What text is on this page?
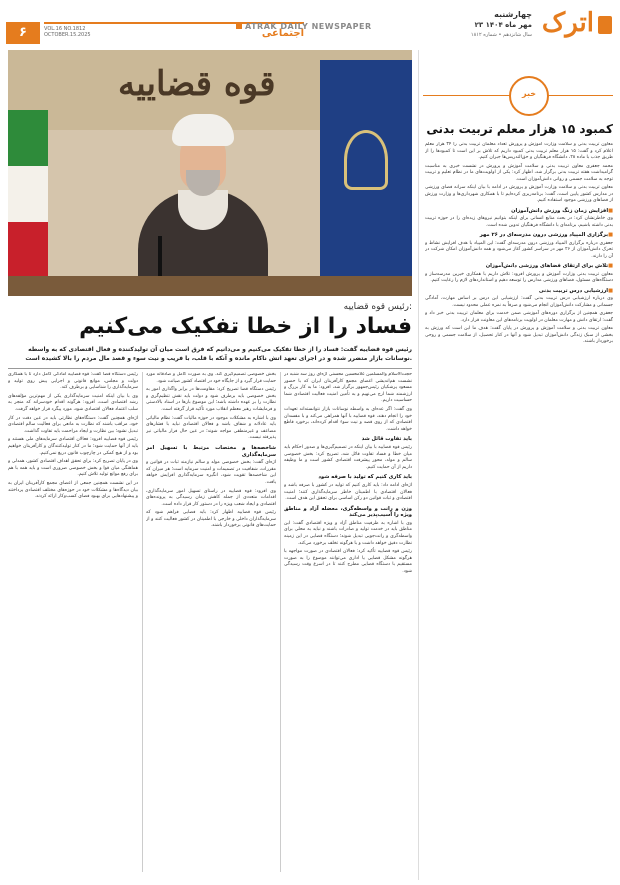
۶	VOL.16 NO.1812
OCTOBER.15.2025	اجتماعی
ATRAK DAILY NEWSPAPER	اترک
چهارشنبه
۲۳ مهر ماه ۱۴۰۴
سال شانزدهم • شماره ۱۸۱۲
قوه قضاییه
رئیس قوه قضاییه:
فساد را از خطا تفکیک می‌کنیم
رئیس قوه قضاییه گفت: فساد را از خطا تفکیک می‌کنیم و می‌دانیم که فرق است میان آن تولیدکننده و فعال اقتصادی که به واسطه نوسانات بازار متضرر شده و در اجرای تعهد اتش ناکام مانده و آنکه با قلب، با فریب و نیت سوء و قصد مال مردم را بالا کشیده است.

حجت‌الاسلام والمسلمین غلامحسین محسنی اژه‌ای روز سه شنبه در نشست هم‌اندیشی اعضای مجمع کارآفرینان ایران که با حضور مسعود پزشکیان رئیس‌جمهور برگزار شد، افزود: ما به کار بزرگ و ارزشمند شما ارج می‌نهیم و به تأمین امنیت فعالیت اقتصادی شما حساسیت داریم.

وی گفت: اگر عده‌ای به واسطه نوسانات بازار نتوانسته‌اند تعهدات خود را انجام دهند، قوه قضاییه با آنها همراهی می‌کند و با مفسدان اقتصادی که از روی قصد و نیت سوء اقدام کرده‌اند، برخورد قاطع خواهد داشت.

باید تفاوت قائل شد

رئیس قوه قضاییه با بیان اینکه در تصمیم‌گیری‌ها و صدور احکام باید میان خطا و فساد تفاوت قائل شد، تصریح کرد: بخش خصوصی سالم و مولد، محور پیشرفت اقتصادی کشور است و ما وظیفه داریم از آن حمایت کنیم.

باید کاری کنیم که تولید با صرفه شود

اژه‌ای ادامه داد: باید کاری کنیم که تولید در کشور با صرفه باشد و فعالان اقتصادی با اطمینان خاطر سرمایه‌گذاری کنند؛ امنیت اقتصادی و ثبات قوانین دو رکن اساسی برای تحقق این هدف است.

وزن و رانت و واسطه‌گری، معضله آزاد و مناطق ویژه را آسیب‌پذیر می‌کند

وی با اشاره به ظرفیت مناطق آزاد و ویژه اقتصادی گفت: این مناطق باید در خدمت تولید و صادرات باشند و نباید به محلی برای واسطه‌گری و رانت‌جویی تبدیل شوند؛ دستگاه قضایی در این زمینه نظارت دقیق خواهد داشت و با هرگونه تخلف برخورد می‌کند.

رئیس قوه قضاییه تأکید کرد: فعالان اقتصادی در صورت مواجهه با هرگونه مشکل قضایی یا اداری می‌توانند موضوع را به صورت مستقیم با دستگاه قضایی مطرح کنند تا در اسرع وقت رسیدگی شود.

بخش خصوصی تصمیم‌گیری کند. وی به صورت کامل و صادقانه مورد حمایت قرار گیرد و از جایگاه خود در اقتصاد کشور صیانت شود.

رئیس دستگاه قضا تصریح کرد: مقاومت‌ها در برابر واگذاری امور به بخش خصوصی باید برطرف شود و دولت باید نقش تنظیم‌گری و نظارت را بر عهده داشته باشد؛ این موضوع بارها در اسناد بالادستی و فرمایشات رهبر معظم انقلاب مورد تأکید قرار گرفته است.

وی با اشاره به مشکلات موجود در حوزه مالیات گفت: نظام مالیاتی باید عادلانه و شفاف باشد و فعالان اقتصادی نباید با فشارهای مضاعف و غیرمنطقی مواجه شوند؛ در عین حال فرار مالیاتی نیز پذیرفته نیست.

شاخصه‌ها و مختصات مرتبط با تسهیل امر سرمایه‌گذاری

اژه‌ای گفت: بخش خصوصی مولد و سالم نیازمند ثبات در قوانین و مقررات، شفافیت در تصمیمات و امنیت سرمایه است؛ هر میزان که این شاخصه‌ها تقویت شود، انگیزه سرمایه‌گذاری افزایش خواهد یافت.

وی افزود: قوه قضاییه در راستای تسهیل امور سرمایه‌گذاری، اقدامات متعددی از جمله کاهش زمان رسیدگی به پرونده‌های اقتصادی و ایجاد شعب ویژه را در دستور کار قرار داده است.

رئیس قوه قضاییه اظهار کرد: باید فضایی فراهم شود که سرمایه‌گذاران داخلی و خارجی با اطمینان در کشور فعالیت کنند و از حمایت‌های قانونی برخوردار باشند.

رئیس دستگاه قضا گفت: قوه قضاییه آمادگی کامل دارد تا با همکاری دولت و مجلس، موانع قانونی و اجرایی پیش روی تولید و سرمایه‌گذاری را شناسایی و برطرف کند.

وی با بیان اینکه امنیت سرمایه‌گذاری یکی از مهم‌ترین مؤلفه‌های رشد اقتصادی است، افزود: هرگونه اقدام خودسرانه که منجر به سلب اعتماد فعالان اقتصادی شود، مورد پیگرد قرار خواهد گرفت.

اژه‌ای همچنین گفت: دستگاه‌های نظارتی باید در عین دقت در کار خود، مراقب باشند که نظارت به مانعی برای فعالیت سالم اقتصادی تبدیل نشود؛ بین نظارت و ایجاد مزاحمت باید تفاوت گذاشت.

رئیس قوه قضاییه افزود: فعالان اقتصادی سرمایه‌های ملی هستند و باید از آنها حمایت شود؛ ما در کنار تولیدکنندگان و کارآفرینان خواهیم بود و از هیچ کمکی در چارچوب قانون دریغ نمی‌کنیم.

وی در پایان تصریح کرد: برای تحقق اهداف اقتصادی کشور، همدلی و هماهنگی میان قوا و بخش خصوصی ضروری است و باید همه با هم برای رفع موانع تولید تلاش کنیم.

در این نشست همچنین جمعی از اعضای مجمع کارآفرینان ایران به بیان دیدگاه‌ها و مشکلات خود در حوزه‌های مختلف اقتصادی پرداختند و پیشنهادهایی برای بهبود فضای کسب‌وکار ارائه کردند.

خبر
کمبود ۱۵ هزار معلم تربیت بدنی

معاون تربیت بدنی و سلامت وزارت آموزش و پرورش تعداد معلمان تربیت بدنی را ۳۴ هزار معلم اعلام کرد و گفت: ۱۵ هزار معلم تربیت بدنی کمبود داریم که تلاش بر این است تا کمبودها را از طریق جذب با ماده ۲۸، دانشگاه فرهنگیان و حق‌التدریس‌ها جبران کنیم.

محمد جعفری معاون تربیت بدنی و سلامت آموزش و پرورش در نشست خبری به مناسبت گرامیداشت هفته تربیت بدنی برگزار شد، اظهار کرد: یکی از اولویت‌های ما در نظام تعلیم و تربیت توجه به سلامت جسمی و روانی دانش‌آموزان است.

معاون تربیت بدنی و سلامت وزارت آموزش و پرورش در ادامه با بیان اینکه سرانه فضای ورزشی در مدارس کشور پایین است، گفت: برنامه‌ریزی کرده‌ایم تا با همکاری شهرداری‌ها و وزارت ورزش از فضاهای ورزشی موجود استفاده کنیم.

■ افزایش زمان زنگ ورزش دانش‌آموزان

وی خاطرنشان کرد: در بحث منابع انسانی برای اینکه بتوانیم نیروهای زبده‌ای را در حوزه تربیت بدنی داشته باشیم، برنامه‌ای با دانشگاه فرهنگیان تدوین شده است.

■ برگزاری المپیاد ورزشی درون مدرسه‌ای در ۲۶ مهر

جعفری درباره برگزاری المپیاد ورزشی درون مدرسه‌ای گفت: این المپیاد با هدف افزایش نشاط و تحرک دانش‌آموزان از ۲۶ مهر در سراسر کشور آغاز می‌شود و همه دانش‌آموزان امکان شرکت در آن را دارند.

■ تلاش برای ارتقای فضاهای ورزشی دانش‌آموزان

معاون تربیت بدنی وزارت آموزش و پرورش افزود: تلاش داریم با همکاری خیرین مدرسه‌ساز و دستگاه‌های مسئول، فضاهای ورزشی مدارس را توسعه دهیم و استانداردهای لازم را رعایت کنیم.

■ ارزشیابی درس تربیت بدنی

وی درباره ارزشیابی درس تربیت بدنی گفت: ارزشیابی این درس بر اساس مهارت، آمادگی جسمانی و مشارکت دانش‌آموزان انجام می‌شود و صرفاً به نمره عملی محدود نیست.

جعفری همچنین از برگزاری دوره‌های آموزشی ضمن خدمت برای معلمان تربیت بدنی خبر داد و گفت: ارتقای دانش و مهارت معلمان در اولویت برنامه‌های این معاونت قرار دارد.

معاون تربیت بدنی و سلامت آموزش و پرورش در پایان گفت: هدف ما این است که ورزش به بخشی از سبک زندگی دانش‌آموزان تبدیل شود و آنها در کنار تحصیل، از سلامت جسمی و روحی برخوردار باشند.
